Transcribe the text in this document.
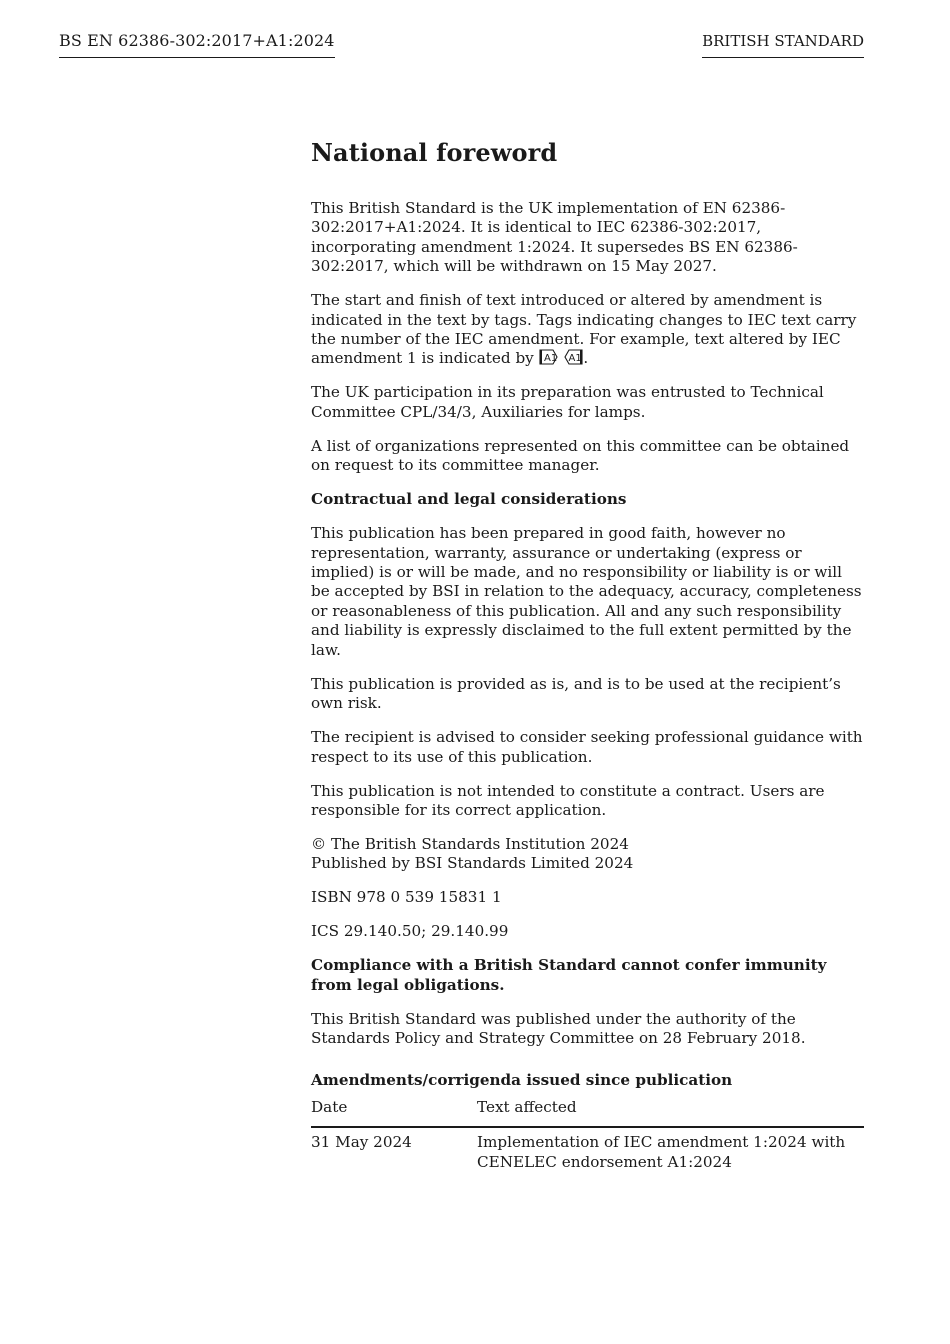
BS EN 62386-302:2017+A1:2024	BRITISH STANDARD
National foreword

This British Standard is the UK implementation of EN 62386-302:2017+A1:2024. It is identical to IEC 62386-302:2017, incorporating amendment 1:2024. It supersedes BS EN 62386-302:2017, which will be withdrawn on 15 May 2027.

The start and finish of text introduced or altered by amendment is indicated in the text by tags. Tags indicating changes to IEC text carry the number of the IEC amendment. For example, text altered by IEC amendment 1 is indicated by A1
A1 .

The UK participation in its preparation was entrusted to Technical Committee CPL/34/3, Auxiliaries for lamps.

A list of organizations represented on this committee can be obtained on request to its committee manager.

Contractual and legal considerations

This publication has been prepared in good faith, however no representation, warranty, assurance or undertaking (express or implied) is or will be made, and no responsibility or liability is or will be accepted by BSI in relation to the adequacy, accuracy, completeness or reasonableness of this publication. All and any such responsibility and liability is expressly disclaimed to the full extent permitted by the law.

This publication is provided as is, and is to be used at the recipient’s own risk.

The recipient is advised to consider seeking professional guidance with respect to its use of this publication.

This publication is not intended to constitute a contract. Users are responsible for its correct application.

© The British Standards Institution 2024
Published by BSI Standards Limited 2024

ISBN 978 0 539 15831 1

ICS 29.140.50; 29.140.99

Compliance with a British Standard cannot confer immunity from legal obligations.

This British Standard was published under the authority of the Standards Policy and Strategy Committee on 28 February 2018.

Amendments/corrigenda issued since publication

Date	Text affected
31 May 2024	Implementation of IEC amendment 1:2024 with CENELEC endorsement A1:2024
